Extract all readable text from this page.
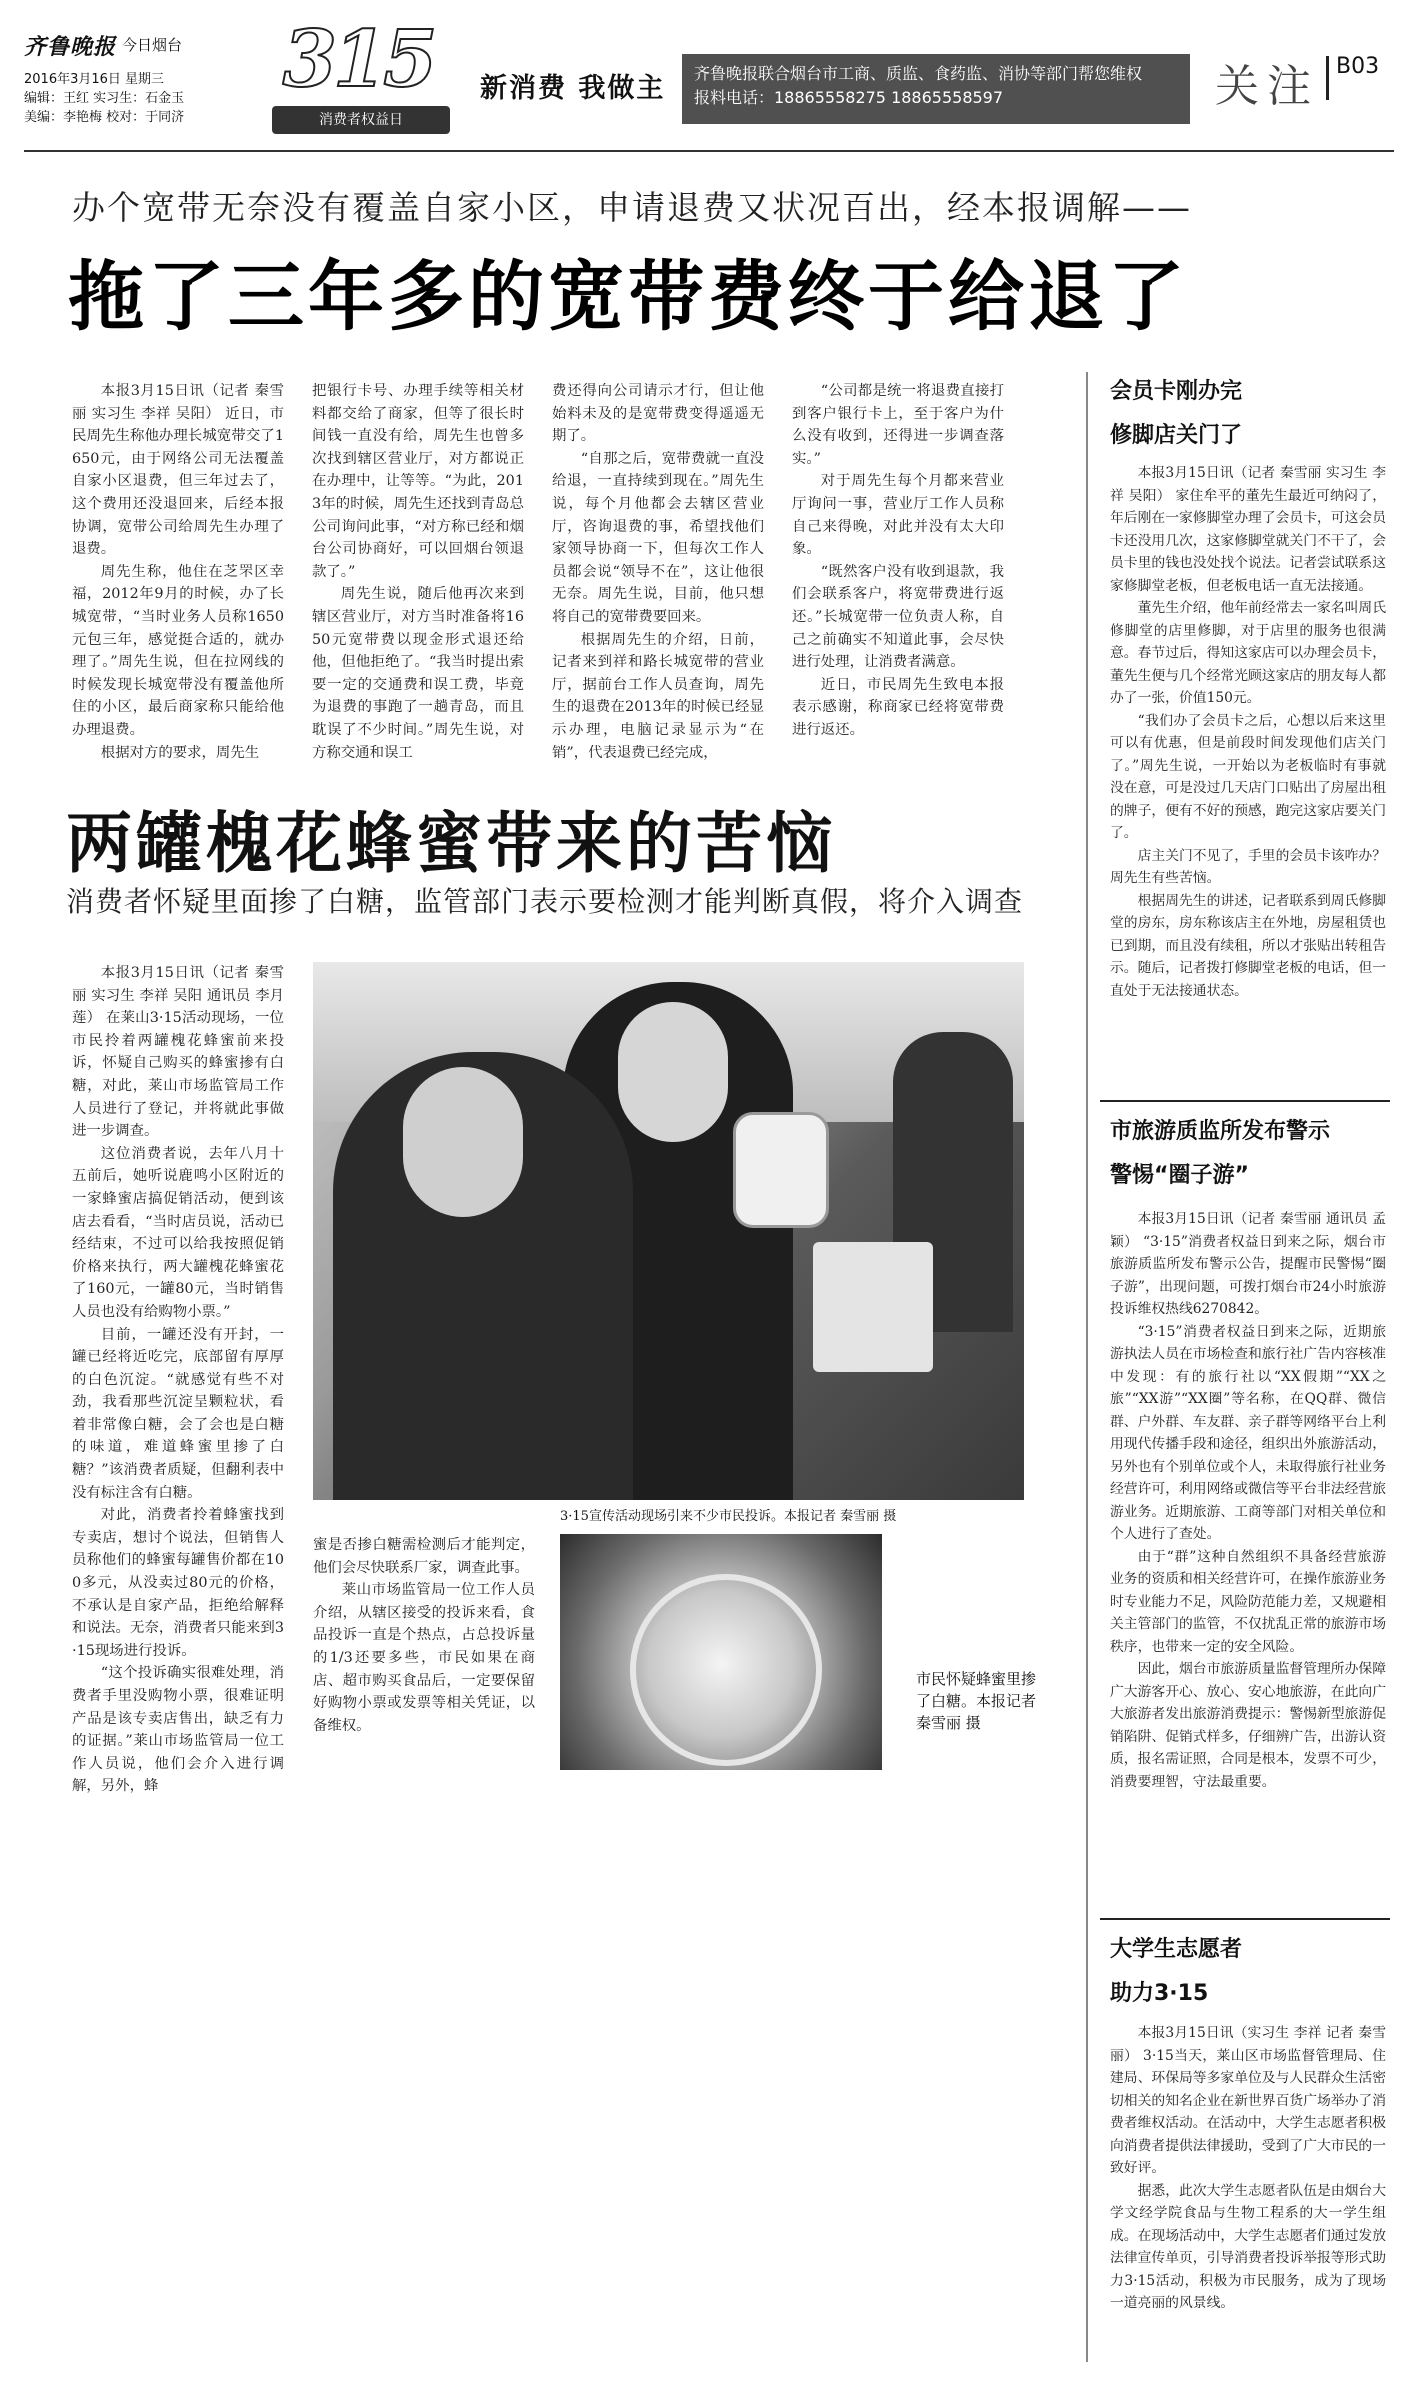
齐鲁晚报 今日烟台
2016年3月16日 星期三
编辑：王红 实习生：石金玉
美编：李艳梅 校对：于同济
315
消费者权益日
新消费 我做主 齐鲁晚报联合烟台市工商、质监、食药监、消协等部门帮您维权
报料电话：18865558275 18865558597	关注 B03
办个宽带无奈没有覆盖自家小区，申请退费又状况百出，经本报调解——
拖了三年多的宽带费终于给退了

本报3月15日讯（记者 秦雪丽 实习生 李祥 吴阳） 近日，市民周先生称他办理长城宽带交了1650元，由于网络公司无法覆盖自家小区退费，但三年过去了，这个费用还没退回来，后经本报协调，宽带公司给周先生办理了退费。

周先生称，他住在芝罘区幸福，2012年9月的时候，办了长城宽带，“当时业务人员称1650元包三年，感觉挺合适的，就办理了。”周先生说，但在拉网线的时候发现长城宽带没有覆盖他所住的小区，最后商家称只能给他办理退费。

根据对方的要求，周先生

把银行卡号、办理手续等相关材料都交给了商家，但等了很长时间钱一直没有给，周先生也曾多次找到辖区营业厅，对方都说正在办理中，让等等。“为此，2013年的时候，周先生还找到青岛总公司询问此事，“对方称已经和烟台公司协商好，可以回烟台领退款了。”

周先生说，随后他再次来到辖区营业厅，对方当时准备将1650元宽带费以现金形式退还给他，但他拒绝了。“我当时提出索要一定的交通费和误工费，毕竟为退费的事跑了一趟青岛，而且耽误了不少时间。”周先生说，对方称交通和误工

费还得向公司请示才行，但让他始料未及的是宽带费变得遥遥无期了。

“自那之后，宽带费就一直没给退，一直持续到现在。”周先生说，每个月他都会去辖区营业厅，咨询退费的事，希望找他们家领导协商一下，但每次工作人员都会说“领导不在”，这让他很无奈。周先生说，目前，他只想将自己的宽带费要回来。

根据周先生的介绍，日前，记者来到祥和路长城宽带的营业厅，据前台工作人员查询，周先生的退费在2013年的时候已经显示办理，电脑记录显示为“在销”，代表退费已经完成，

“公司都是统一将退费直接打到客户银行卡上，至于客户为什么没有收到，还得进一步调查落实。”

对于周先生每个月都来营业厅询问一事，营业厅工作人员称自己来得晚，对此并没有太大印象。

“既然客户没有收到退款，我们会联系客户，将宽带费进行返还。”长城宽带一位负责人称，自己之前确实不知道此事，会尽快进行处理，让消费者满意。

近日，市民周先生致电本报表示感谢，称商家已经将宽带费进行返还。

两罐槐花蜂蜜带来的苦恼
消费者怀疑里面掺了白糖，监管部门表示要检测才能判断真假，将介入调查

本报3月15日讯（记者 秦雪丽 实习生 李祥 吴阳 通讯员 李月莲） 在莱山3·15活动现场，一位市民拎着两罐槐花蜂蜜前来投诉，怀疑自己购买的蜂蜜掺有白糖，对此，莱山市场监管局工作人员进行了登记，并将就此事做进一步调查。

这位消费者说，去年八月十五前后，她听说鹿鸣小区附近的一家蜂蜜店搞促销活动，便到该店去看看，“当时店员说，活动已经结束，不过可以给我按照促销价格来执行，两大罐槐花蜂蜜花了160元，一罐80元，当时销售人员也没有给购物小票。”

目前，一罐还没有开封，一罐已经将近吃完，底部留有厚厚的白色沉淀。“就感觉有些不对劲，我看那些沉淀呈颗粒状，看着非常像白糖，会了会也是白糖的味道，难道蜂蜜里掺了白糖？”该消费者质疑，但翻利表中没有标注含有白糖。

对此，消费者拎着蜂蜜找到专卖店，想讨个说法，但销售人员称他们的蜂蜜每罐售价都在100多元，从没卖过80元的价格，不承认是自家产品，拒绝给解释和说法。无奈，消费者只能来到3·15现场进行投诉。

“这个投诉确实很难处理，消费者手里没购物小票，很难证明产品是该专卖店售出，缺乏有力的证据。”莱山市场监管局一位工作人员说，他们会介入进行调解，另外，蜂

3·15宣传活动现场引来不少市民投诉。本报记者 秦雪丽 摄

蜜是否掺白糖需检测后才能判定，他们会尽快联系厂家，调查此事。

莱山市场监管局一位工作人员介绍，从辖区接受的投诉来看，食品投诉一直是个热点，占总投诉量的1/3还要多些，市民如果在商店、超市购买食品后，一定要保留好购物小票或发票等相关凭证，以备维权。

市民怀疑蜂蜜里掺了白糖。本报记者秦雪丽 摄
会员卡刚办完
修脚店关门了

本报3月15日讯（记者 秦雪丽 实习生 李祥 吴阳） 家住牟平的董先生最近可纳闷了，年后刚在一家修脚堂办理了会员卡，可这会员卡还没用几次，这家修脚堂就关门不干了，会员卡里的钱也没处找个说法。记者尝试联系这家修脚堂老板，但老板电话一直无法接通。

董先生介绍，他年前经常去一家名叫周氏修脚堂的店里修脚，对于店里的服务也很满意。春节过后，得知这家店可以办理会员卡，董先生便与几个经常光顾这家店的朋友每人都办了一张，价值150元。

“我们办了会员卡之后，心想以后来这里可以有优惠，但是前段时间发现他们店关门了。”周先生说，一开始以为老板临时有事就没在意，可是没过几天店门口贴出了房屋出租的牌子，便有不好的预感，跑完这家店要关门了。

店主关门不见了，手里的会员卡该咋办？周先生有些苦恼。

根据周先生的讲述，记者联系到周氏修脚堂的房东，房东称该店主在外地，房屋租赁也已到期，而且没有续租，所以才张贴出转租告示。随后，记者拨打修脚堂老板的电话，但一直处于无法接通状态。

市旅游质监所发布警示
警惕“圈子游”

本报3月15日讯（记者 秦雪丽 通讯员 孟颖） “3·15”消费者权益日到来之际，烟台市旅游质监所发布警示公告，提醒市民警惕“圈子游”，出现问题，可拨打烟台市24小时旅游投诉维权热线6270842。

“3·15”消费者权益日到来之际，近期旅游执法人员在市场检查和旅行社广告内容核准中发现：有的旅行社以“XX假期”“XX之旅”“XX游”“XX圈”等名称，在QQ群、微信群、户外群、车友群、亲子群等网络平台上利用现代传播手段和途径，组织出外旅游活动，另外也有个别单位或个人，未取得旅行社业务经营许可，利用网络或微信等平台非法经营旅游业务。近期旅游、工商等部门对相关单位和个人进行了查处。

由于“群”这种自然组织不具备经营旅游业务的资质和相关经营许可，在操作旅游业务时专业能力不足，风险防范能力差，又规避相关主管部门的监管，不仅扰乱正常的旅游市场秩序，也带来一定的安全风险。

因此，烟台市旅游质量监督管理所办保障广大游客开心、放心、安心地旅游，在此向广大旅游者发出旅游消费提示：警惕新型旅游促销陷阱、促销式样多，仔细辨广告，出游认资质，报名需证照，合同是根本，发票不可少，消费要理智，守法最重要。

大学生志愿者
助力3·15

本报3月15日讯（实习生 李祥 记者 秦雪丽） 3·15当天，莱山区市场监督管理局、住建局、环保局等多家单位及与人民群众生活密切相关的知名企业在新世界百货广场举办了消费者维权活动。在活动中，大学生志愿者积极向消费者提供法律援助，受到了广大市民的一致好评。

据悉，此次大学生志愿者队伍是由烟台大学文经学院食品与生物工程系的大一学生组成。在现场活动中，大学生志愿者们通过发放法律宣传单页，引导消费者投诉举报等形式助力3·15活动，积极为市民服务，成为了现场一道亮丽的风景线。
